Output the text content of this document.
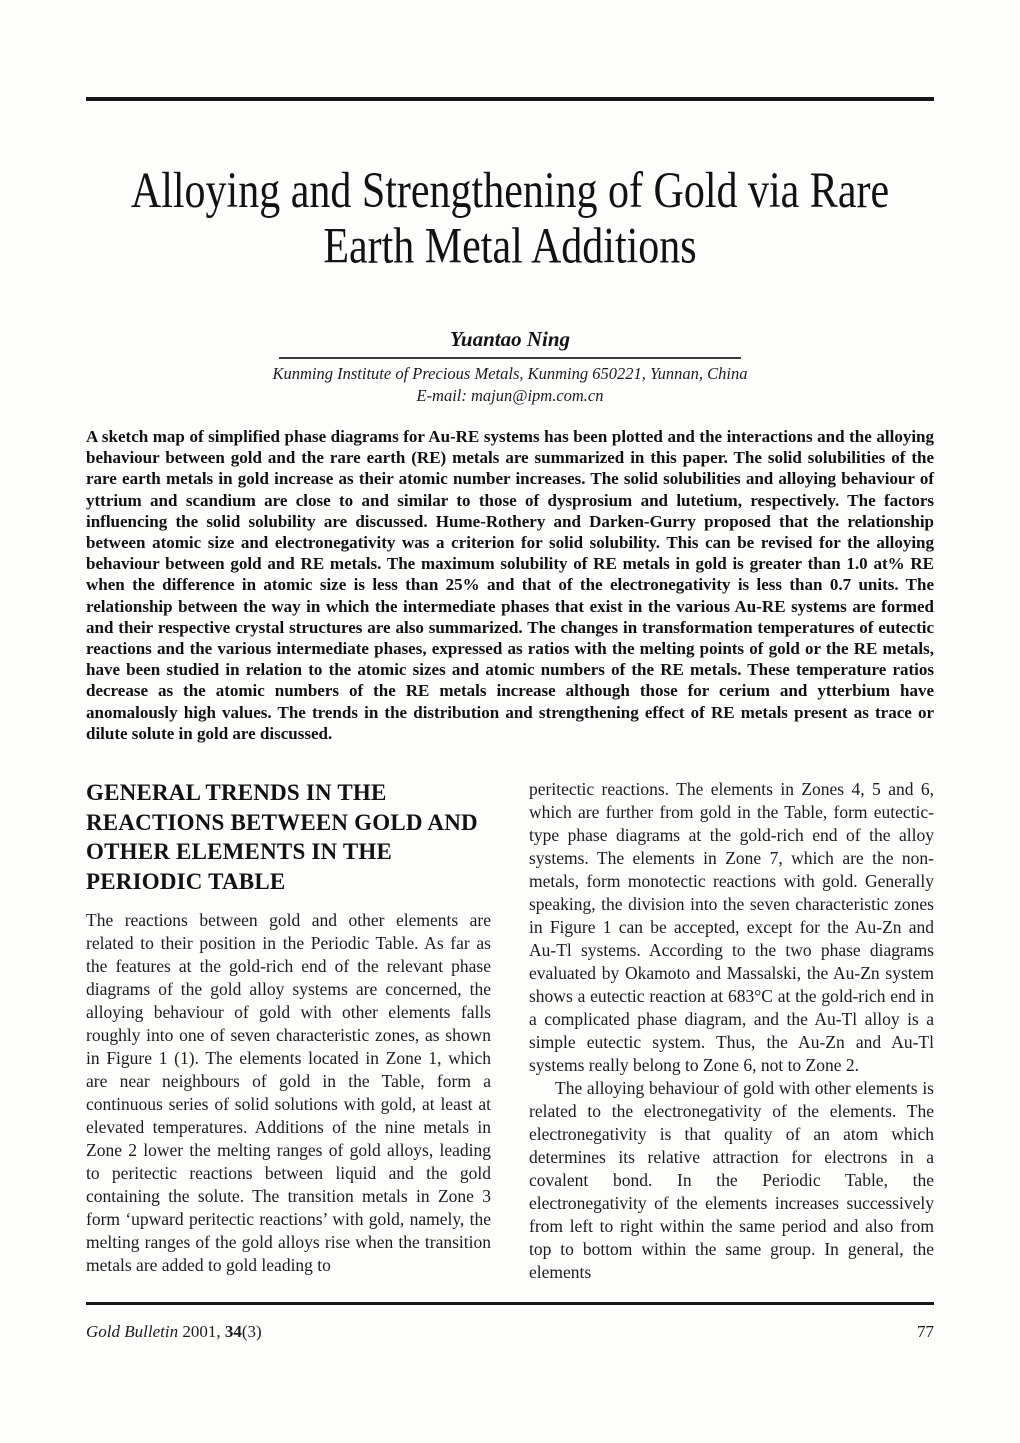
Alloying and Strengthening of Gold via Rare
Earth Metal Additions
Yuantao Ning
Kunming Institute of Precious Metals, Kunming 650221, Yunnan, China
E-mail: majun@ipm.com.cn
A sketch map of simplified phase diagrams for Au-RE systems has been plotted and the interactions and the alloying behaviour between gold and the rare earth (RE) metals are summarized in this paper. The solid solubilities of the rare earth metals in gold increase as their atomic number increases. The solid solubilities and alloying behaviour of yttrium and scandium are close to and similar to those of dysprosium and lutetium, respectively. The factors influencing the solid solubility are discussed. Hume-Rothery and Darken-Gurry proposed that the relationship between atomic size and electronegativity was a criterion for solid solubility. This can be revised for the alloying behaviour between gold and RE metals. The maximum solubility of RE metals in gold is greater than 1.0 at% RE when the difference in atomic size is less than 25% and that of the electronegativity is less than 0.7 units. The relationship between the way in which the intermediate phases that exist in the various Au-RE systems are formed and their respective crystal structures are also summarized. The changes in transformation temperatures of eutectic reactions and the various intermediate phases, expressed as ratios with the melting points of gold or the RE metals, have been studied in relation to the atomic sizes and atomic numbers of the RE metals. These temperature ratios decrease as the atomic numbers of the RE metals increase although those for cerium and ytterbium have anomalously high values. The trends in the distribution and strengthening effect of RE metals present as trace or dilute solute in gold are discussed.
GENERAL TRENDS IN THE REACTIONS BETWEEN GOLD AND OTHER ELEMENTS IN THE PERIODIC TABLE

The reactions between gold and other elements are related to their position in the Periodic Table. As far as the features at the gold-rich end of the relevant phase diagrams of the gold alloy systems are concerned, the alloying behaviour of gold with other elements falls roughly into one of seven characteristic zones, as shown in Figure 1 (1). The elements located in Zone 1, which are near neighbours of gold in the Table, form a continuous series of solid solutions with gold, at least at elevated temperatures. Additions of the nine metals in Zone 2 lower the melting ranges of gold alloys, leading to peritectic reactions between liquid and the gold containing the solute. The transition metals in Zone 3 form ‘upward peritectic reactions’ with gold, namely, the melting ranges of the gold alloys rise when the transition metals are added to gold leading to

peritectic reactions. The elements in Zones 4, 5 and 6, which are further from gold in the Table, form eutectic-type phase diagrams at the gold-rich end of the alloy systems. The elements in Zone 7, which are the non-metals, form monotectic reactions with gold. Generally speaking, the division into the seven characteristic zones in Figure 1 can be accepted, except for the Au-Zn and Au-Tl systems. According to the two phase diagrams evaluated by Okamoto and Massalski, the Au-Zn system shows a eutectic reaction at 683°C at the gold-rich end in a complicated phase diagram, and the Au-Tl alloy is a simple eutectic system. Thus, the Au-Zn and Au-Tl systems really belong to Zone 6, not to Zone 2.

The alloying behaviour of gold with other elements is related to the electronegativity of the elements. The electronegativity is that quality of an atom which determines its relative attraction for electrons in a covalent bond. In the Periodic Table, the electronegativity of the elements increases successively from left to right within the same period and also from top to bottom within the same group. In general, the elements

Gold Bulletin 2001, 34(3)	77
